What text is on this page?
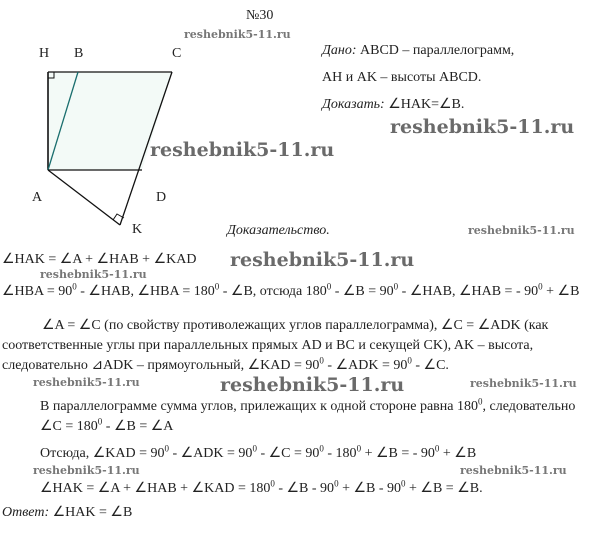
№30
H B	C
A	D
K
Дано: ABCD – параллелограмм,
AH и AK – высоты ABCD.
Доказать: ∠HAK=∠B.
Доказательство.
∠HAK = ∠A + ∠HAB + ∠KAD
∠HBA = $90^0$ - ∠HAB, ∠HBA = $180^0$ - ∠B, отсюда $180^0$ - ∠B = $90^0$ - ∠HAB, ∠HAB = - $90^0$ + ∠B
∠A = ∠C (по свойству противолежащих углов параллелограмма), ∠C = ∠ADK (как
соответственные углы при параллельных прямых AD и BC и секущей CK), AK – высота,
следовательно ⊿ADK – прямоугольный, ∠KAD = $90^0$ - ∠ADK = $90^0$ - ∠C.
В параллелограмме сумма углов, прилежащих к одной стороне равна $180^0$, следовательно
∠C = $180^0$ - ∠B = ∠A
Отсюда, ∠KAD = $90^0$ - ∠ADK = $90^0$ - ∠C = $90^0 - 180^0$ + ∠B = - $90^0$ + ∠B
∠HAK = ∠A + ∠HAB + ∠KAD = $180^0$ - ∠B - $90^0$ + ∠B - $90^0$ + ∠B = ∠B.
Ответ: ∠HAK = ∠B
reshebnik5-11.ru
reshebnik5-11.ru
reshebnik5-11.ru
reshebnik5-11.ru
reshebnik5-11.ru
reshebnik5-11.ru
reshebnik5-11.ru	reshebnik5-11.ru	reshebnik5-11.ru
reshebnik5-11.ru	reshebnik5-11.ru
